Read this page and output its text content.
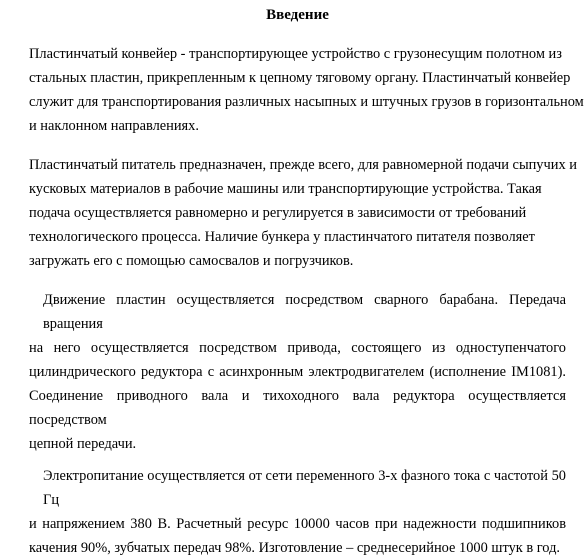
Введение

Пластинчатый конвейер - транспортирующее устройство с грузонесущим полотном из
стальных пластин, прикрепленным к цепному тяговому органу. Пластинчатый конвейер
служит для транспортирования различных насыпных и штучных грузов в горизонтальном
и наклонном направлениях.

Пластинчатый питатель предназначен, прежде всего, для равномерной подачи сыпучих и
кусковых материалов в рабочие машины или транспортирующие устройства. Такая
подача осуществляется равномерно и регулируется в зависимости от требований
технологического процесса. Наличие бункера у пластинчатого питателя позволяет
загружать его с помощью самосвалов и погрузчиков.

Движение пластин осуществляется посредством сварного барабана. Передача вращения
на него осуществляется посредством привода, состоящего из одноступенчатого
цилиндрического редуктора с асинхронным электродвигателем (исполнение IM1081).
Соединение приводного вала и тихоходного вала редуктора осуществляется посредством
цепной передачи.

Электропитание осуществляется от сети переменного 3-х фазного тока с частотой 50 Гц
и напряжением 380 В. Расчетный ресурс 10000 часов при надежности подшипников
качения 90%, зубчатых передач 98%. Изготовление – среднесерийное 1000 штук в год.
